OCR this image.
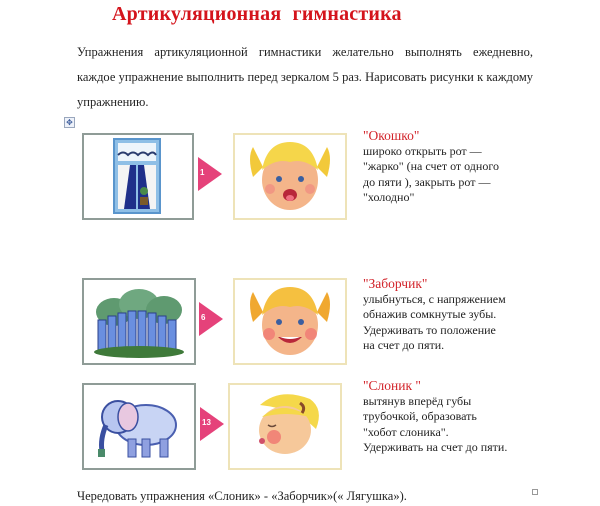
Артикуляционная гимнастика
Упражнения артикуляционной гимнастики желательно выполнять ежедневно, каждое упражнение выполнить перед зеркалом 5 раз. Нарисовать рисунки к каждому упражнению.
✥
1
"Окошко"
широко открыть рот —
"жарко" (на счет от одного
до пяти ), закрыть рот —
"холодно"
6
"Заборчик"
улыбнуться, с напряжением
обнажив сомкнутые зубы.
Удерживать то положение
на счет до пяти.
13
"Слоник "
вытянув вперёд губы
трубочкой, образовать
"хобот слоника".
Удерживать на счет до пяти.
Чередовать упражнения «Слоник» - «Заборчик»(« Лягушка»).
